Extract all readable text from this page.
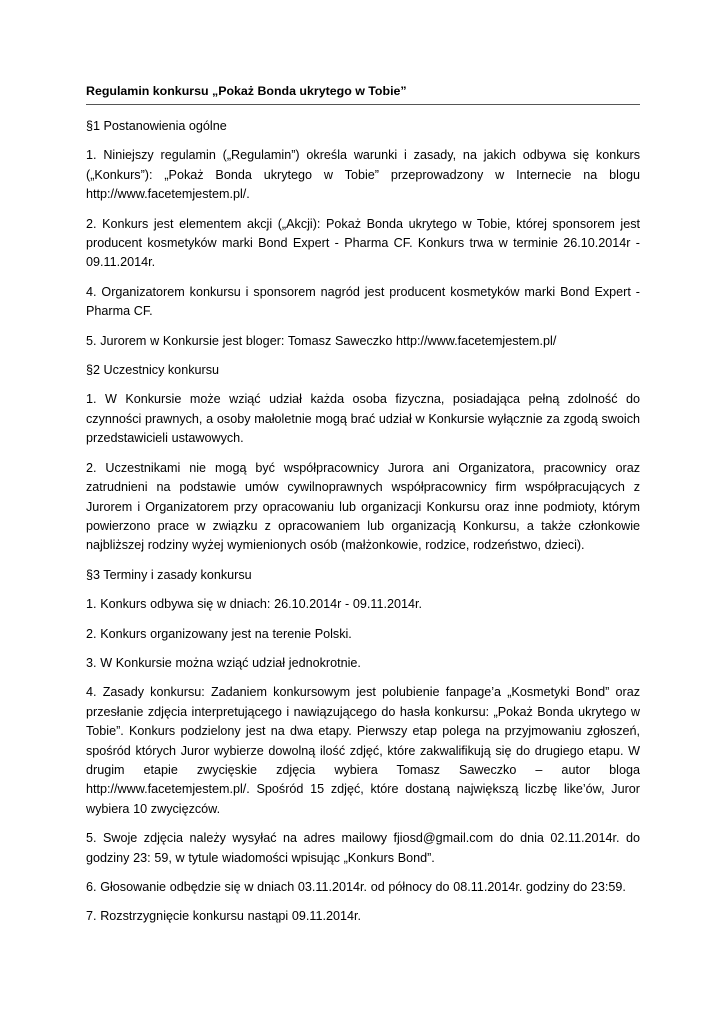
Regulamin konkursu „Pokaż Bonda ukrytego w Tobie”

§1 Postanowienia ogólne

1. Niniejszy regulamin („Regulamin”) określa warunki i zasady, na jakich odbywa się konkurs („Konkurs”): „Pokaż Bonda ukrytego w Tobie” przeprowadzony w Internecie na blogu http://www.facetemjestem.pl/.

2. Konkurs jest elementem akcji („Akcji): Pokaż Bonda ukrytego w Tobie, której sponsorem jest producent kosmetyków marki Bond Expert - Pharma CF. Konkurs trwa w terminie 26.10.2014r - 09.11.2014r.

4. Organizatorem konkursu i sponsorem nagród jest producent kosmetyków marki Bond Expert - Pharma CF.

5. Jurorem w Konkursie jest bloger: Tomasz Saweczko http://www.facetemjestem.pl/

§2 Uczestnicy konkursu

1. W Konkursie może wziąć udział każda osoba fizyczna, posiadająca pełną zdolność do czynności prawnych, a osoby małoletnie mogą brać udział w Konkursie wyłącznie za zgodą swoich przedstawicieli ustawowych.

2. Uczestnikami nie mogą być współpracownicy Jurora ani Organizatora, pracownicy oraz zatrudnieni na podstawie umów cywilnoprawnych współpracownicy firm współpracujących z Jurorem i Organizatorem przy opracowaniu lub organizacji Konkursu oraz inne podmioty, którym powierzono prace w związku z opracowaniem lub organizacją Konkursu, a także członkowie najbliższej rodziny wyżej wymienionych osób (małżonkowie, rodzice, rodzeństwo, dzieci).

§3 Terminy i zasady konkursu

1. Konkurs odbywa się w dniach: 26.10.2014r - 09.11.2014r.

2. Konkurs organizowany jest na terenie Polski.

3. W Konkursie można wziąć udział jednokrotnie.

4. Zasady konkursu: Zadaniem konkursowym jest polubienie fanpage’a „Kosmetyki Bond” oraz przesłanie zdjęcia interpretującego i nawiązującego do hasła konkursu: „Pokaż Bonda ukrytego w Tobie”. Konkurs podzielony jest na dwa etapy. Pierwszy etap polega na przyjmowaniu zgłoszeń, spośród których Juror wybierze dowolną ilość zdjęć, które zakwalifikują się do drugiego etapu. W drugim etapie zwycięskie zdjęcia wybiera Tomasz Saweczko – autor bloga http://www.facetemjestem.pl/. Spośród 15 zdjęć, które dostaną największą liczbę like’ów, Juror wybiera 10 zwycięzców.

5. Swoje zdjęcia należy wysyłać na adres mailowy fjiosd@gmail.com do dnia 02.11.2014r. do godziny 23: 59, w tytule wiadomości wpisując „Konkurs Bond”.

6. Głosowanie odbędzie się w dniach 03.11.2014r. od północy do 08.11.2014r. godziny do 23:59.

7. Rozstrzygnięcie konkursu nastąpi 09.11.2014r.
